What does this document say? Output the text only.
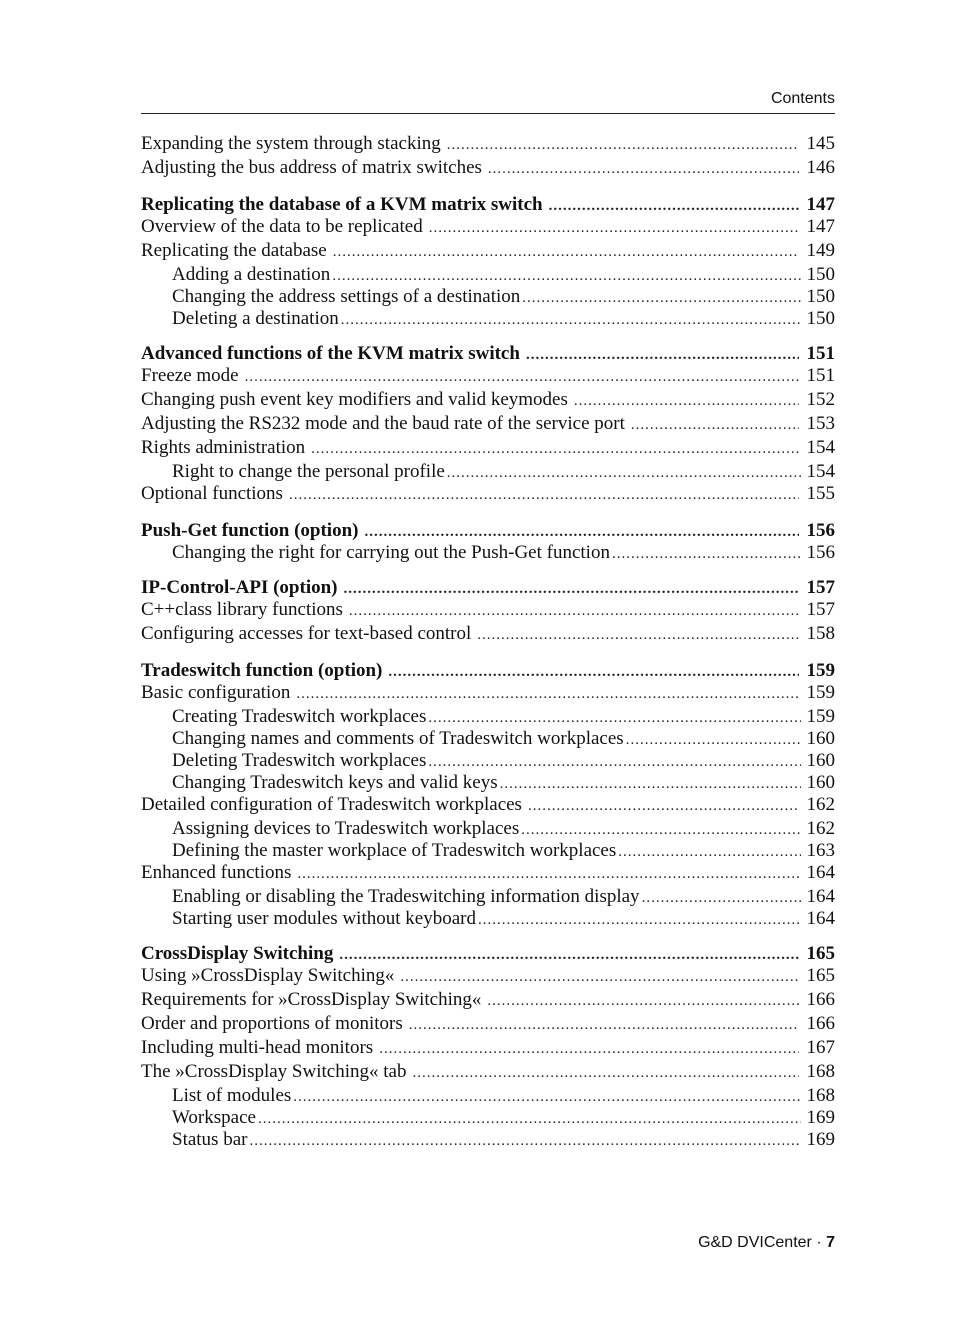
Contents
Expanding the system through stacking .....	145
Adjusting the bus address of matrix switches .....	146
Replicating the database of a KVM matrix switch .....	147
Overview of the data to be replicated .....	147
Replicating the database .....	149
Adding a destination .....	150
Changing the address settings of a destination .....	150
Deleting a destination .....	150
Advanced functions of the KVM matrix switch .....	151
Freeze mode .....	151
Changing push event key modifiers and valid keymodes .....	152
Adjusting the RS232 mode and the baud rate of the service port .....	153
Rights administration .....	154
Right to change the personal profile .....	154
Optional functions .....	155
Push-Get function (option) .....	156
Changing the right for carrying out the Push-Get function .....	156
IP-Control-API (option) .....	157
C++class library functions .....	157
Configuring accesses for text-based control .....	158
Tradeswitch function (option) .....	159
Basic configuration .....	159
Creating Tradeswitch workplaces .....	159
Changing names and comments of Tradeswitch workplaces .....	160
Deleting Tradeswitch workplaces .....	160
Changing Tradeswitch keys and valid keys .....	160
Detailed configuration of Tradeswitch workplaces .....	162
Assigning devices to Tradeswitch workplaces .....	162
Defining the master workplace of Tradeswitch workplaces .....	163
Enhanced functions .....	164
Enabling or disabling the Tradeswitching information display .....	164
Starting user modules without keyboard .....	164
CrossDisplay Switching .....	165
Using »CrossDisplay Switching« .....	165
Requirements for »CrossDisplay Switching« .....	166
Order and proportions of monitors .....	166
Including multi-head monitors .....	167
The »CrossDisplay Switching« tab .....	168
List of modules .....	168
Workspace .....	169
Status bar .....	169
G&D DVICenter · 7
